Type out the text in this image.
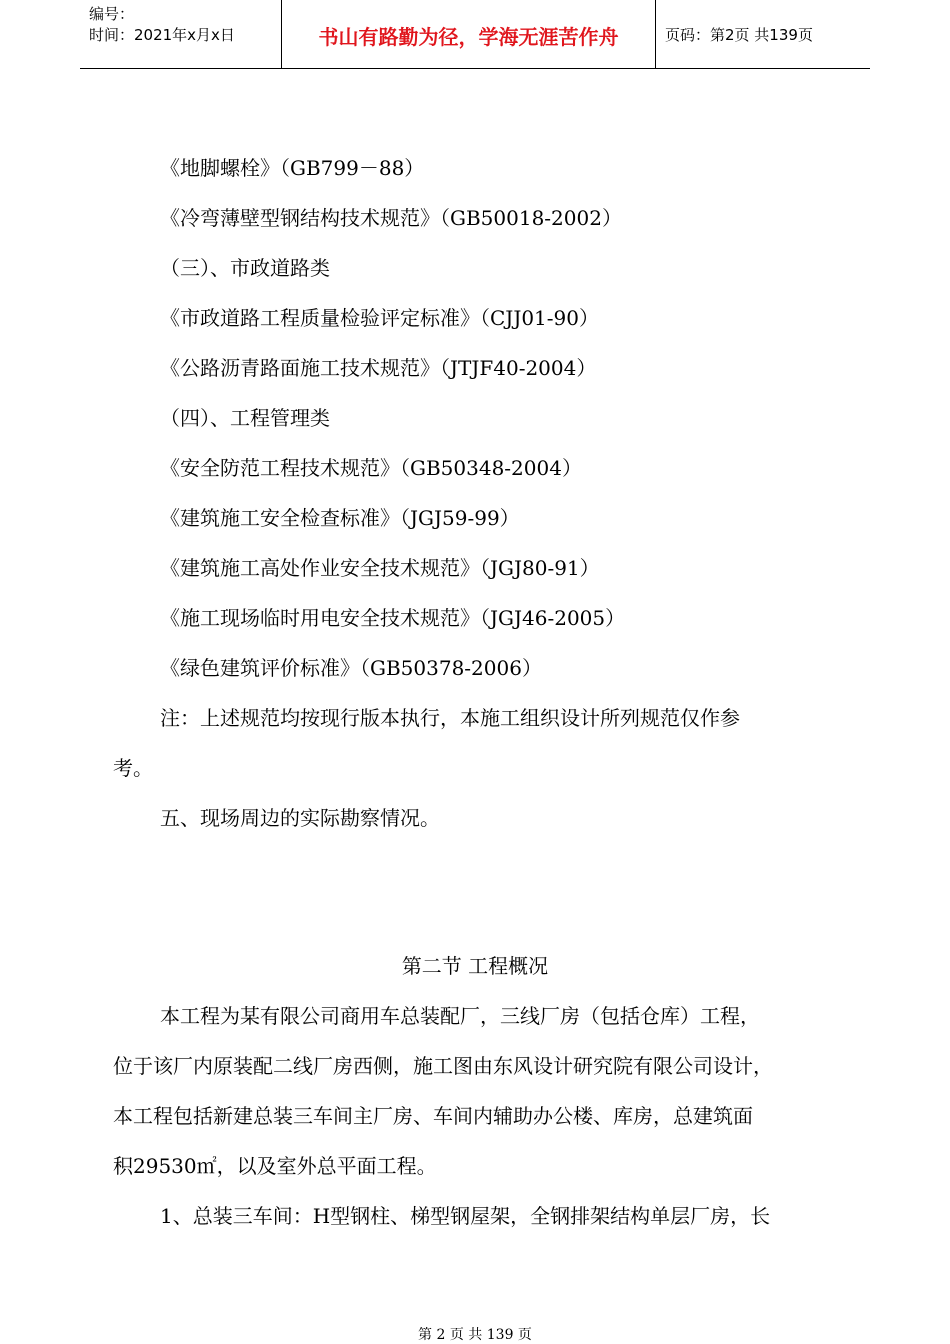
编号：
时间：2021年x月x日	书山有路勤为径，学海无涯苦作舟	页码：第2页 共139页
《地脚螺栓》（GB799－88）
《冷弯薄壁型钢结构技术规范》（GB50018-2002）
（三）、市政道路类
《市政道路工程质量检验评定标准》（CJJ01-90）
《公路沥青路面施工技术规范》（JTJF40-2004）
（四）、工程管理类
《安全防范工程技术规范》（GB50348-2004）
《建筑施工安全检查标准》（JGJ59-99）
《建筑施工高处作业安全技术规范》（JGJ80-91）
《施工现场临时用电安全技术规范》（JGJ46-2005）
《绿色建筑评价标准》（GB50378-2006）
注：上述规范均按现行版本执行，本施工组织设计所列规范仅作参
考。
五、现场周边的实际勘察情况。
第二节 工程概况
本工程为某有限公司商用车总装配厂，三线厂房（包括仓库）工程，
位于该厂内原装配二线厂房西侧，施工图由东风设计研究院有限公司设计，
本工程包括新建总装三车间主厂房、车间内辅助办公楼、库房，总建筑面
积29530㎡，以及室外总平面工程。
1、总装三车间：H型钢柱、梯型钢屋架，全钢排架结构单层厂房，长
第 2 页 共 139 页
